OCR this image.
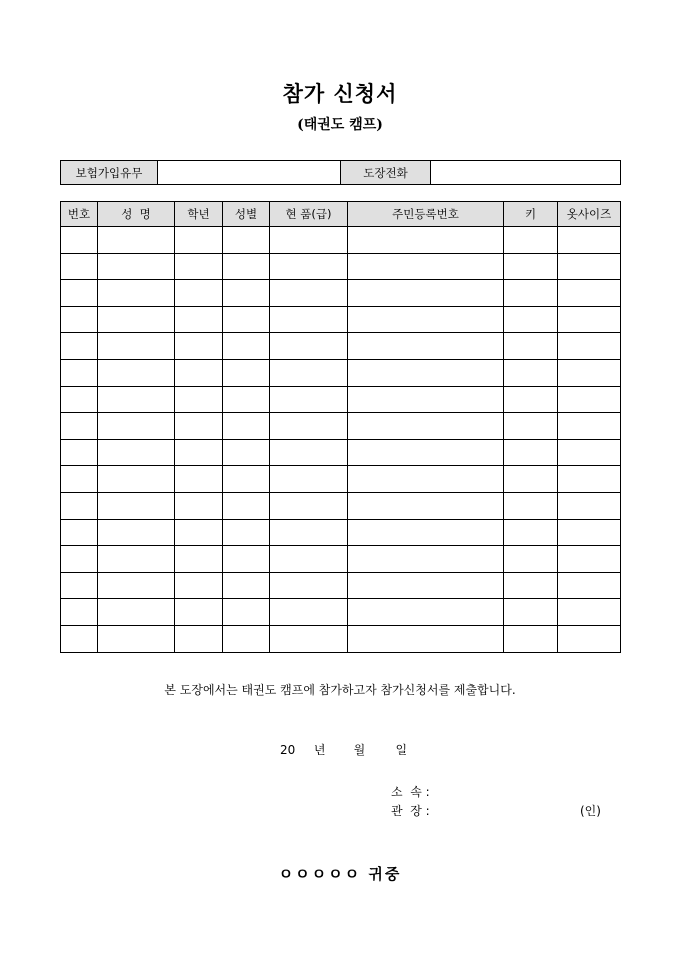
참가 신청서
(태권도 캠프)
보험가입유무		도장전화	
번호	성  명	학년	성별	현 품(급)	주민등록번호	키	옷사이즈

본 도장에서는 태권도 캠프에 참가하고자 참가신청서를 제출합니다.
20 년 월	일
소  속 :
관  장 :	(인)
ㅇㅇㅇㅇㅇ 귀중
